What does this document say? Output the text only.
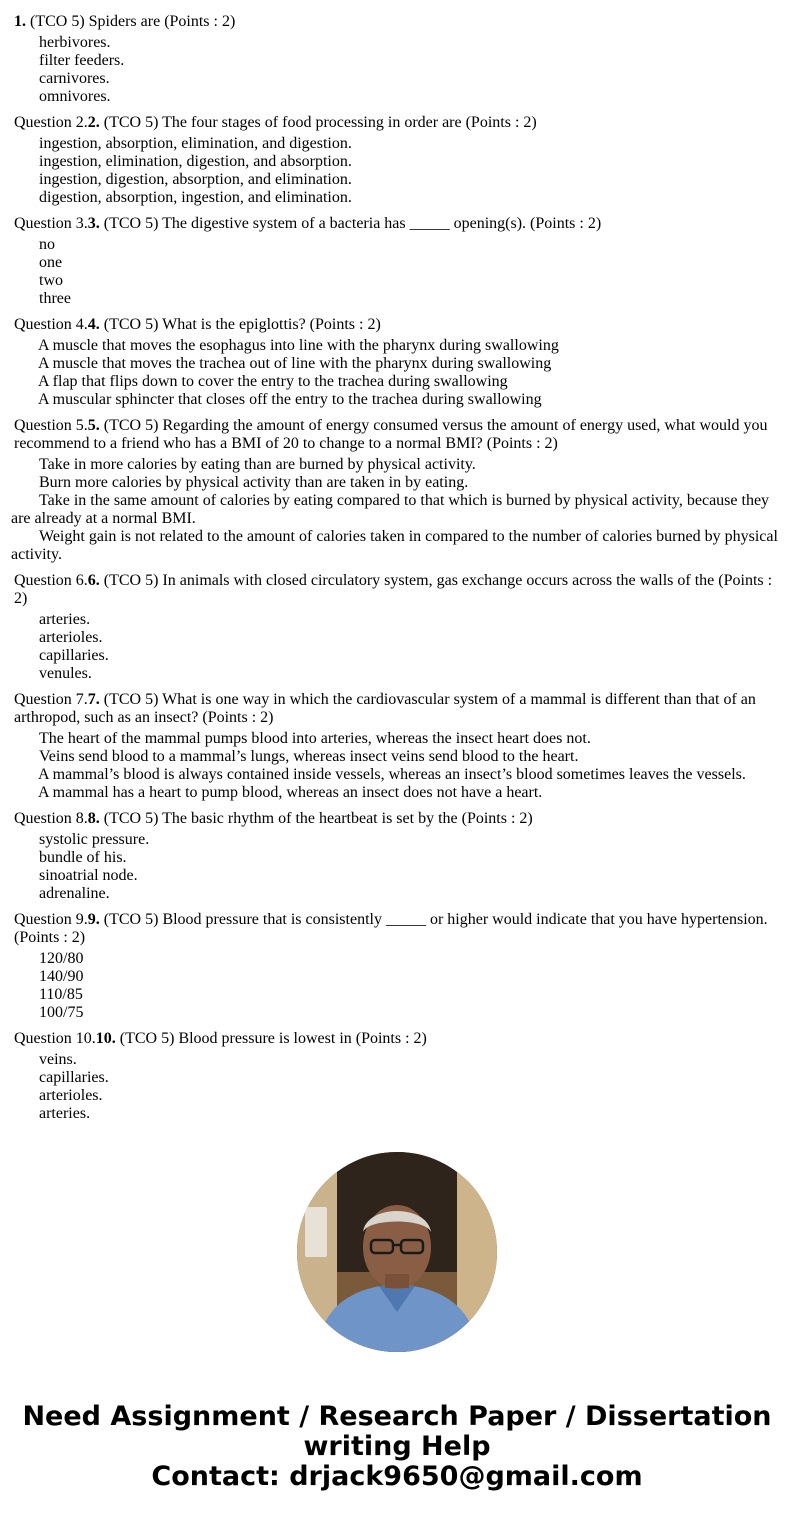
1. (TCO 5) Spiders are (Points : 2)
herbivores.
filter feeders.
carnivores.
omnivores.
Question 2.2. (TCO 5) The four stages of food processing in order are (Points : 2)
ingestion, absorption, elimination, and digestion.
ingestion, elimination, digestion, and absorption.
ingestion, digestion, absorption, and elimination.
digestion, absorption, ingestion, and elimination.
Question 3.3. (TCO 5) The digestive system of a bacteria has _____ opening(s). (Points : 2)
no
one
two
three
Question 4.4. (TCO 5) What is the epiglottis? (Points : 2)
A muscle that moves the esophagus into line with the pharynx during swallowing
A muscle that moves the trachea out of line with the pharynx during swallowing
A flap that flips down to cover the entry to the trachea during swallowing
A muscular sphincter that closes off the entry to the trachea during swallowing
Question 5.5. (TCO 5) Regarding the amount of energy consumed versus the amount of energy used, what would you recommend to a friend who has a BMI of 20 to change to a normal BMI? (Points : 2)
Take in more calories by eating than are burned by physical activity.
Burn more calories by physical activity than are taken in by eating.
Take in the same amount of calories by eating compared to that which is burned by physical activity, because they are already at a normal BMI.
Weight gain is not related to the amount of calories taken in compared to the number of calories burned by physical activity.
Question 6.6. (TCO 5) In animals with closed circulatory system, gas exchange occurs across the walls of the (Points : 2)
arteries.
arterioles.
capillaries.
venules.
Question 7.7. (TCO 5) What is one way in which the cardiovascular system of a mammal is different than that of an arthropod, such as an insect? (Points : 2)
The heart of the mammal pumps blood into arteries, whereas the insect heart does not.
Veins send blood to a mammal’s lungs, whereas insect veins send blood to the heart.
A mammal’s blood is always contained inside vessels, whereas an insect’s blood sometimes leaves the vessels.
A mammal has a heart to pump blood, whereas an insect does not have a heart.
Question 8.8. (TCO 5) The basic rhythm of the heartbeat is set by the (Points : 2)
systolic pressure.
bundle of his.
sinoatrial node.
adrenaline.
Question 9.9. (TCO 5) Blood pressure that is consistently _____ or higher would indicate that you have hypertension. (Points : 2)
120/80
140/90
110/85
100/75
Question 10.10. (TCO 5) Blood pressure is lowest in (Points : 2)
veins.
capillaries.
arterioles.
arteries.
Need Assignment / Research Paper / Dissertation writing Help
Contact: drjack9650@gmail.com
